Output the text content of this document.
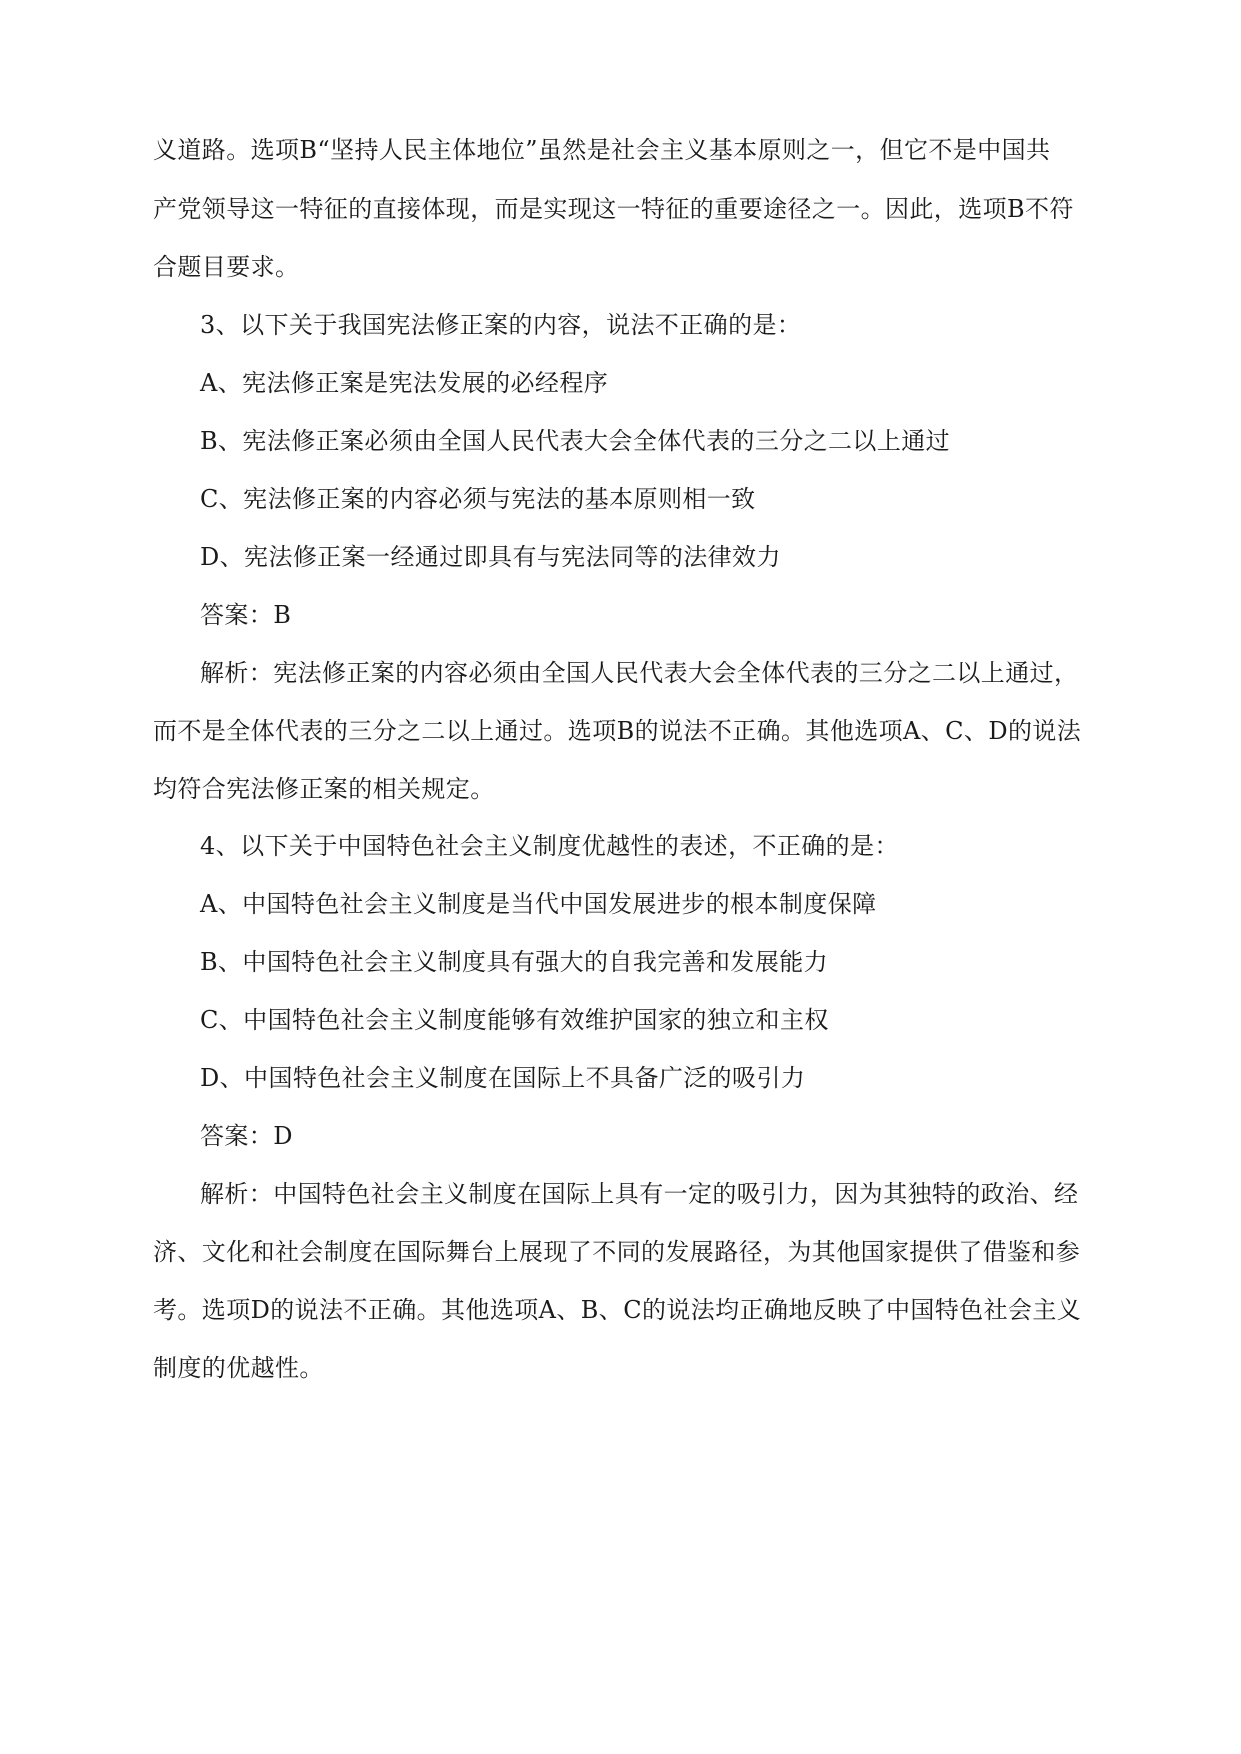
义道路。选项B“坚持人民主体地位”虽然是社会主义基本原则之一，但它不是中国共

产党领导这一特征的直接体现，而是实现这一特征的重要途径之一。因此，选项B不符

合题目要求。

3、以下关于我国宪法修正案的内容，说法不正确的是：

A、宪法修正案是宪法发展的必经程序

B、宪法修正案必须由全国人民代表大会全体代表的三分之二以上通过

C、宪法修正案的内容必须与宪法的基本原则相一致

D、宪法修正案一经通过即具有与宪法同等的法律效力

答案：B

解析：宪法修正案的内容必须由全国人民代表大会全体代表的三分之二以上通过，

而不是全体代表的三分之二以上通过。选项B的说法不正确。其他选项A、C、D的说法

均符合宪法修正案的相关规定。

4、以下关于中国特色社会主义制度优越性的表述，不正确的是：

A、中国特色社会主义制度是当代中国发展进步的根本制度保障

B、中国特色社会主义制度具有强大的自我完善和发展能力

C、中国特色社会主义制度能够有效维护国家的独立和主权

D、中国特色社会主义制度在国际上不具备广泛的吸引力

答案：D

解析：中国特色社会主义制度在国际上具有一定的吸引力，因为其独特的政治、经

济、文化和社会制度在国际舞台上展现了不同的发展路径，为其他国家提供了借鉴和参

考。选项D的说法不正确。其他选项A、B、C的说法均正确地反映了中国特色社会主义

制度的优越性。
